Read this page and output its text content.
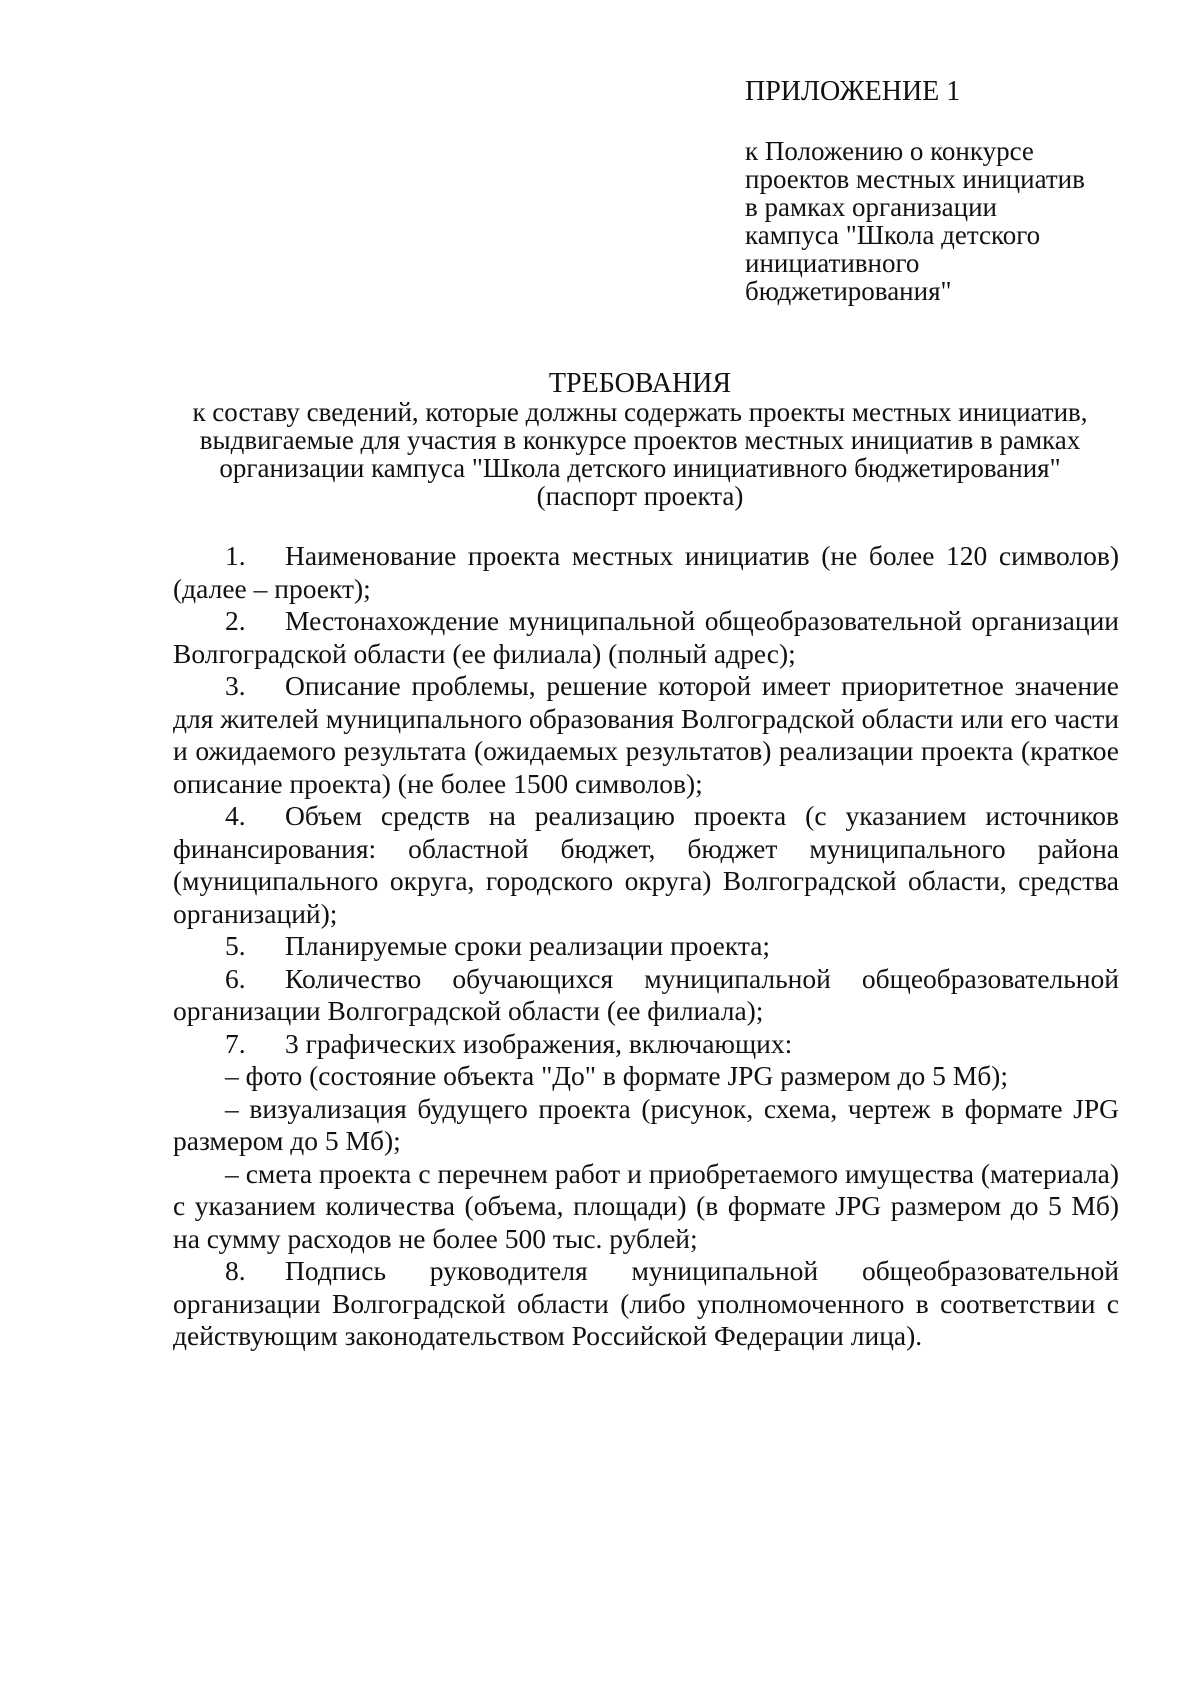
ПРИЛОЖЕНИЕ 1

к Положению о конкурсе

проектов местных инициатив

в рамках организации

кампуса "Школа детского

инициативного

бюджетирования"

ТРЕБОВАНИЯ

к составу сведений, которые должны содержать проекты местных инициатив,

выдвигаемые для участия в конкурсе проектов местных инициатив в рамках

организации кампуса "Школа детского инициативного бюджетирования"

(паспорт проекта)

1. Наименование проекта местных инициатив (не более 120 символов) (далее – проект);

2. Местонахождение муниципальной общеобразовательной организации Волгоградской области (ее филиала) (полный адрес);

3. Описание проблемы, решение которой имеет приоритетное значение для жителей муниципального образования Волгоградской области или его части и ожидаемого результата (ожидаемых результатов) реализации проекта (краткое описание проекта) (не более 1500 символов);

4. Объем средств на реализацию проекта (с указанием источников финансирования: областной бюджет, бюджет муниципального района (муниципального округа, городского округа) Волгоградской области, средства организаций);

5. Планируемые сроки реализации проекта;

6. Количество обучающихся муниципальной общеобразовательной организации Волгоградской области (ее филиала);

7. 3 графических изображения, включающих:

– фото (состояние объекта "До" в формате JPG размером до 5 Мб);

– визуализация будущего проекта (рисунок, схема, чертеж в формате JPG размером до 5 Мб);

– смета проекта с перечнем работ и приобретаемого имущества (материала) с указанием количества (объема, площади) (в формате JPG размером до 5 Мб) на сумму расходов не более 500 тыс. рублей;

8. Подпись руководителя муниципальной общеобразовательной организации Волгоградской области (либо уполномоченного в соответствии с действующим законодательством Российской Федерации лица).
